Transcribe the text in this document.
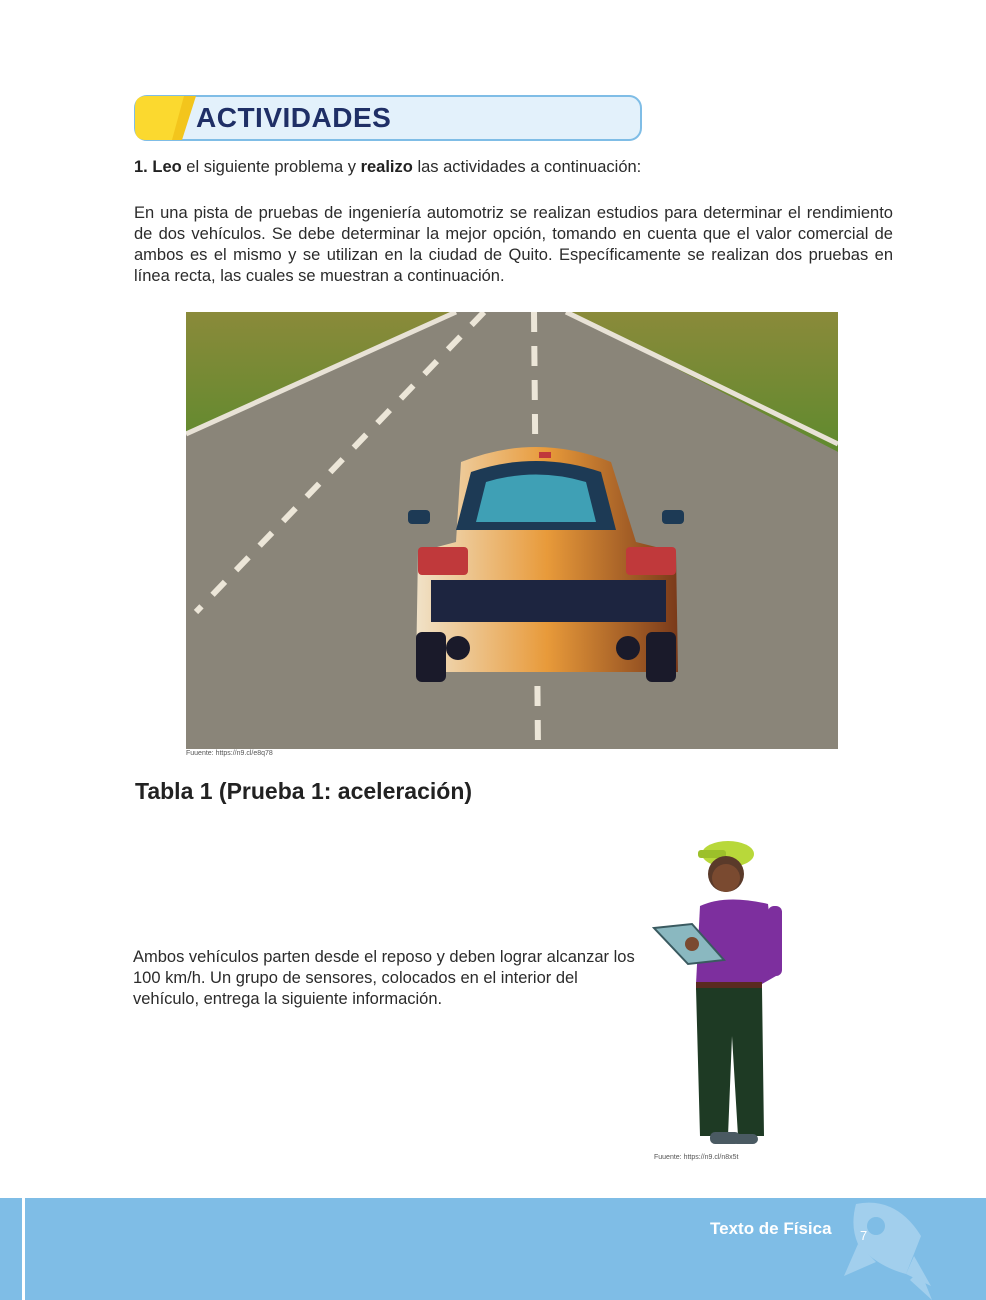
ACTIVIDADES
1. Leo el siguiente problema y realizo las actividades a continuación:
En una pista de pruebas de ingeniería automotriz se realizan estudios para determinar el rendimiento de dos vehículos. Se debe determinar la mejor opción, tomando en cuenta que el valor comercial de ambos es el mismo y se utilizan en la ciudad de Quito. Específicamente se realizan dos pruebas en línea recta, las cuales se muestran a continuación.
Fuuente: https://n9.cl/e8q78
Tabla 1 (Prueba 1: aceleración)
Ambos vehículos parten desde el reposo y deben lograr alcanzar los 100 km/h. Un grupo de sensores, colocados en el interior del vehículo, entrega la siguiente información.
Fuuente: https://n9.cl/n8x5t
Texto de Física 7
